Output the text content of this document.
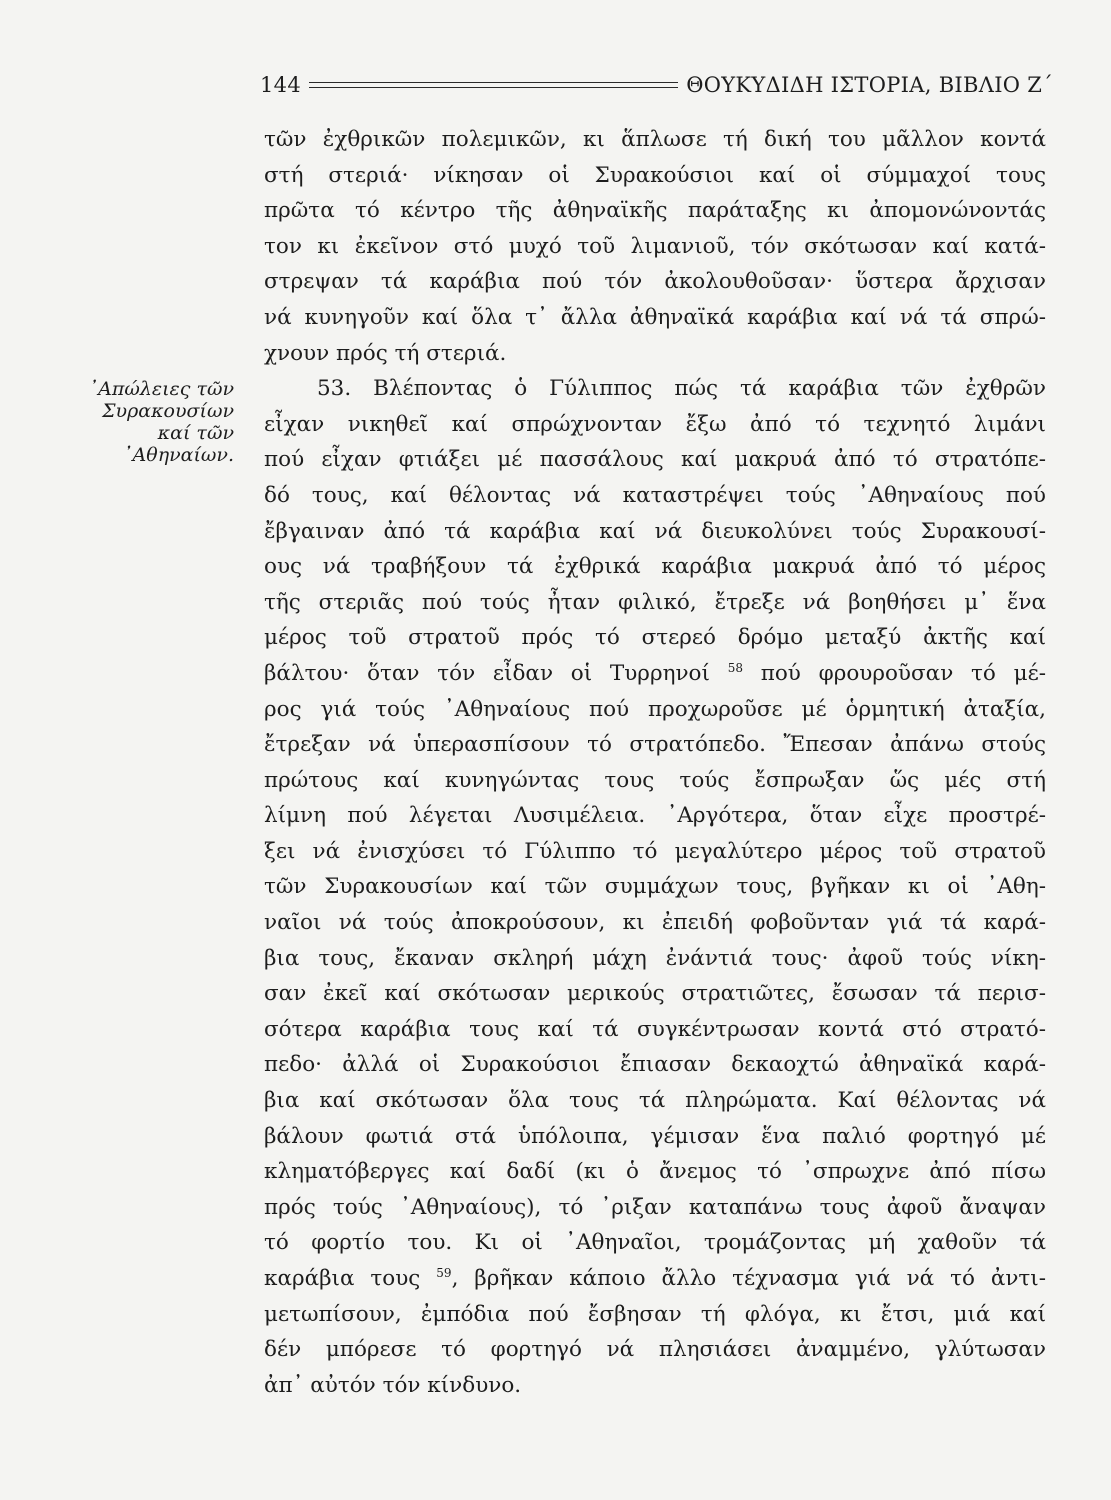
144	ΘΟΥΚΥΔΙΔΗ ΙΣΤΟΡΙΑ, ΒΙΒΛΙΟ Ζ΄
᾽Απώλειες τῶν
Συρακουσίων
καί τῶν
᾽Αθηναίων.
τῶν ἐχθρικῶν πολεμικῶν, κι ἅπλωσε τή δική του μᾶλλον κοντά
στή στεριά· νίκησαν οἱ Συρακούσιοι καί οἱ σύμμαχοί τους
πρῶτα τό κέντρο τῆς ἀθηναϊκῆς παράταξης κι ἀπομονώνοντάς
τον κι ἐκεῖνον στό μυχό τοῦ λιμανιοῦ, τόν σκότωσαν καί κατά-
στρεψαν τά καράβια πού τόν ἀκολουθοῦσαν· ὕστερα ἄρχισαν
νά κυνηγοῦν καί ὅλα τ᾽ ἄλλα ἀθηναϊκά καράβια καί νά τά σπρώ-
χνουν πρός τή στεριά.
53. Βλέποντας ὁ Γύλιππος πώς τά καράβια τῶν ἐχθρῶν
εἶχαν νικηθεῖ καί σπρώχνονταν ἔξω ἀπό τό τεχνητό λιμάνι
πού εἶχαν φτιάξει μέ πασσάλους καί μακρυά ἀπό τό στρατόπε-
δό τους, καί θέλοντας νά καταστρέψει τούς ᾽Αθηναίους πού
ἔβγαιναν ἀπό τά καράβια καί νά διευκολύνει τούς Συρακουσί-
ους νά τραβήξουν τά ἐχθρικά καράβια μακρυά ἀπό τό μέρος
τῆς στεριᾶς πού τούς ἦταν φιλικό, ἔτρεξε νά βοηθήσει μ᾽ ἕνα
μέρος τοῦ στρατοῦ πρός τό στερεό δρόμο μεταξύ ἀκτῆς καί
βάλτου· ὅταν τόν εἶδαν οἱ Τυρρηνοί $^{58}$ πού φρουροῦσαν τό μέ-
ρος γιά τούς ᾽Αθηναίους πού προχωροῦσε μέ ὁρμητική ἀταξία,
ἔτρεξαν νά ὑπερασπίσουν τό στρατόπεδο. Ἔπεσαν ἀπάνω στούς
πρώτους καί κυνηγώντας τους τούς ἔσπρωξαν ὥς μές στή
λίμνη πού λέγεται Λυσιμέλεια. ᾽Αργότερα, ὅταν εἶχε προστρέ-
ξει νά ἐνισχύσει τό Γύλιππο τό μεγαλύτερο μέρος τοῦ στρατοῦ
τῶν Συρακουσίων καί τῶν συμμάχων τους, βγῆκαν κι οἱ ᾽Αθη-
ναῖοι νά τούς ἀποκρούσουν, κι ἐπειδή φοβοῦνταν γιά τά καρά-
βια τους, ἔκαναν σκληρή μάχη ἐνάντιά τους· ἀφοῦ τούς νίκη-
σαν ἐκεῖ καί σκότωσαν μερικούς στρατιῶτες, ἔσωσαν τά περισ-
σότερα καράβια τους καί τά συγκέντρωσαν κοντά στό στρατό-
πεδο· ἀλλά οἱ Συρακούσιοι ἔπιασαν δεκαοχτώ ἀθηναϊκά καρά-
βια καί σκότωσαν ὅλα τους τά πληρώματα. Καί θέλοντας νά
βάλουν φωτιά στά ὑπόλοιπα, γέμισαν ἕνα παλιό φορτηγό μέ
κληματόβεργες καί δαδί (κι ὁ ἄνεμος τό ᾽σπρωχνε ἀπό πίσω
πρός τούς ᾽Αθηναίους), τό ᾽ριξαν καταπάνω τους ἀφοῦ ἄναψαν
τό φορτίο του. Κι οἱ ᾽Αθηναῖοι, τρομάζοντας μή χαθοῦν τά
καράβια τους $^{59}$, βρῆκαν κάποιο ἄλλο τέχνασμα γιά νά τό ἀντι-
μετωπίσουν, ἐμπόδια πού ἔσβησαν τή φλόγα, κι ἔτσι, μιά καί
δέν μπόρεσε τό φορτηγό νά πλησιάσει ἀναμμένο, γλύτωσαν
ἀπ᾽ αὐτόν τόν κίνδυνο.
